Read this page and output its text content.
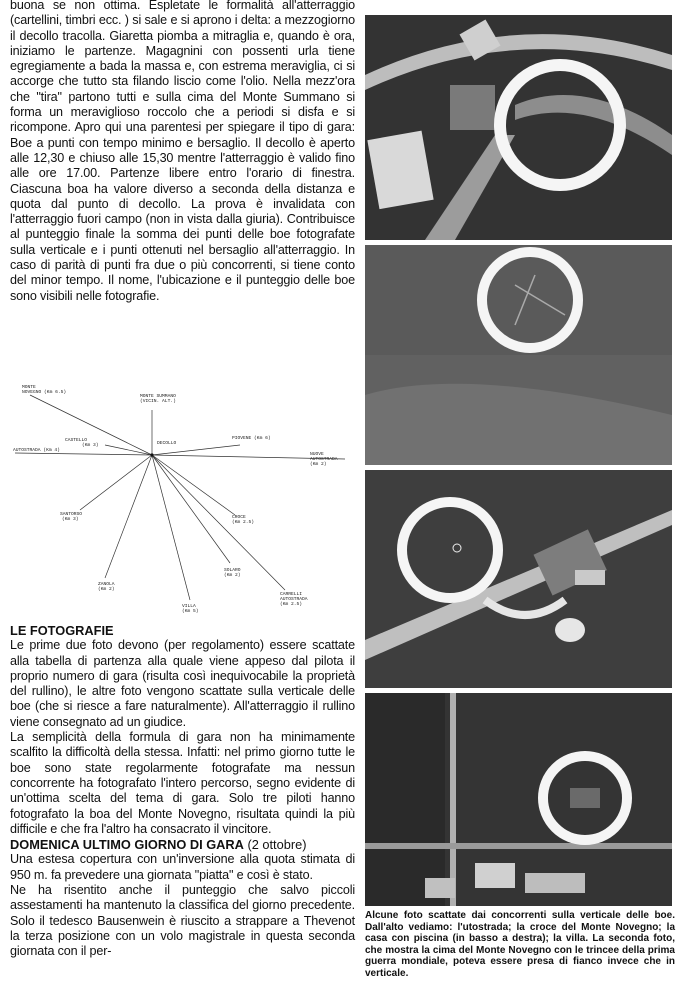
buona se non ottima. Espletate le formalità all'atterraggio (cartellini, timbri ecc. ) si sale e si aprono i delta: a mezzogiorno il decollo tracolla. Giaretta piomba a mitraglia e, quando è ora, iniziamo le partenze. Magagnini con possenti urla tiene egregiamente a bada la massa e, con estrema meraviglia, ci si accorge che tutto sta filando liscio come l'olio. Nella mezz'ora che "tira" partono tutti e sulla cima del Monte Summano si forma un meraviglioso roccolo che a periodi si disfa e si ricompone. Apro qui una parentesi per spiegare il tipo di gara: Boe a punti con tempo minimo e bersaglio. Il decollo è aperto alle 12,30 e chiuso alle 15,30 mentre l'atterraggio è valido fino alle ore 17.00. Partenze libere entro l'orario di finestra. Ciascuna boa ha valore diverso a seconda della distanza e quota dal punto di decollo. La prova è invalidata con l'atterraggio fuori campo (non in vista dalla giuria). Contribuisce al punteggio finale la somma dei punti delle boe fotografate sulla verticale e i punti ottenuti nel bersaglio all'atterraggio. In caso di parità di punti fra due o più concorrenti, si tiene conto del minor tempo. Il nome, l'ubicazione e il punteggio delle boe sono visibili nelle fotografie.

DECOLLO
MONTE
NOVEGNO (Km 6.5)
MONTE SUMMANO
(VICIN. ALT.)
CASTELLO
(Km 3)
AUTOSTRADA (Km 4)
NUOVE
AUTOSTRADA
(Km 2)
PIOVENE (Km 6)
SANTORSO
(Km 3)	CROCE
(Km 2.5)
ZANOLA
(Km 2)
VILLA
(Km 5)
SOLARO
(Km 2)
CARRELLI
AUTOSTRADA
(Km 2.5)
LE FOTOGRAFIE

Le prime due foto devono (per regolamento) essere scattate alla tabella di partenza alla quale viene appeso dal pilota il proprio numero di gara (risulta così inequivocabile la proprietà del rullino), le altre foto vengono scattate sulla verticale delle boe (che si riesce a fare naturalmente). All'atterraggio il rullino viene consegnato ad un giudice.

La semplicità della formula di gara non ha minimamente scalfito la difficoltà della stessa. Infatti: nel primo giorno tutte le boe sono state regolarmente fotografate ma nessun concorrente ha fotografato l'intero percorso, segno evidente di un'ottima scelta del tema di gara. Solo tre piloti hanno fotografato la boa del Monte Novegno, risultata quindi la più difficile e che fra l'altro ha consacrato il vincitore.

DOMENICA ULTIMO GIORNO DI GARA (2 ottobre)

Una estesa copertura con un'inversione alla quota stimata di 950 m. fa prevedere una giornata "piatta" e così è stato.

Ne ha risentito anche il punteggio che salvo piccoli assestamenti ha mantenuto la classifica del giorno precedente. Solo il tedesco Bausenwein è riuscito a strappare a Thevenot la terza posizione con un volo magistrale in questa seconda giornata con il per-

Alcune foto scattate dai concorrenti sulla verticale delle boe. Dall'alto vediamo: l'utostrada; la croce del Monte Novegno; la casa con piscina (in basso a destra); la villa. La seconda foto, che mostra la cima del Monte Novegno con le trincee della prima guerra mondiale, poteva essere presa di fianco invece che in verticale.
